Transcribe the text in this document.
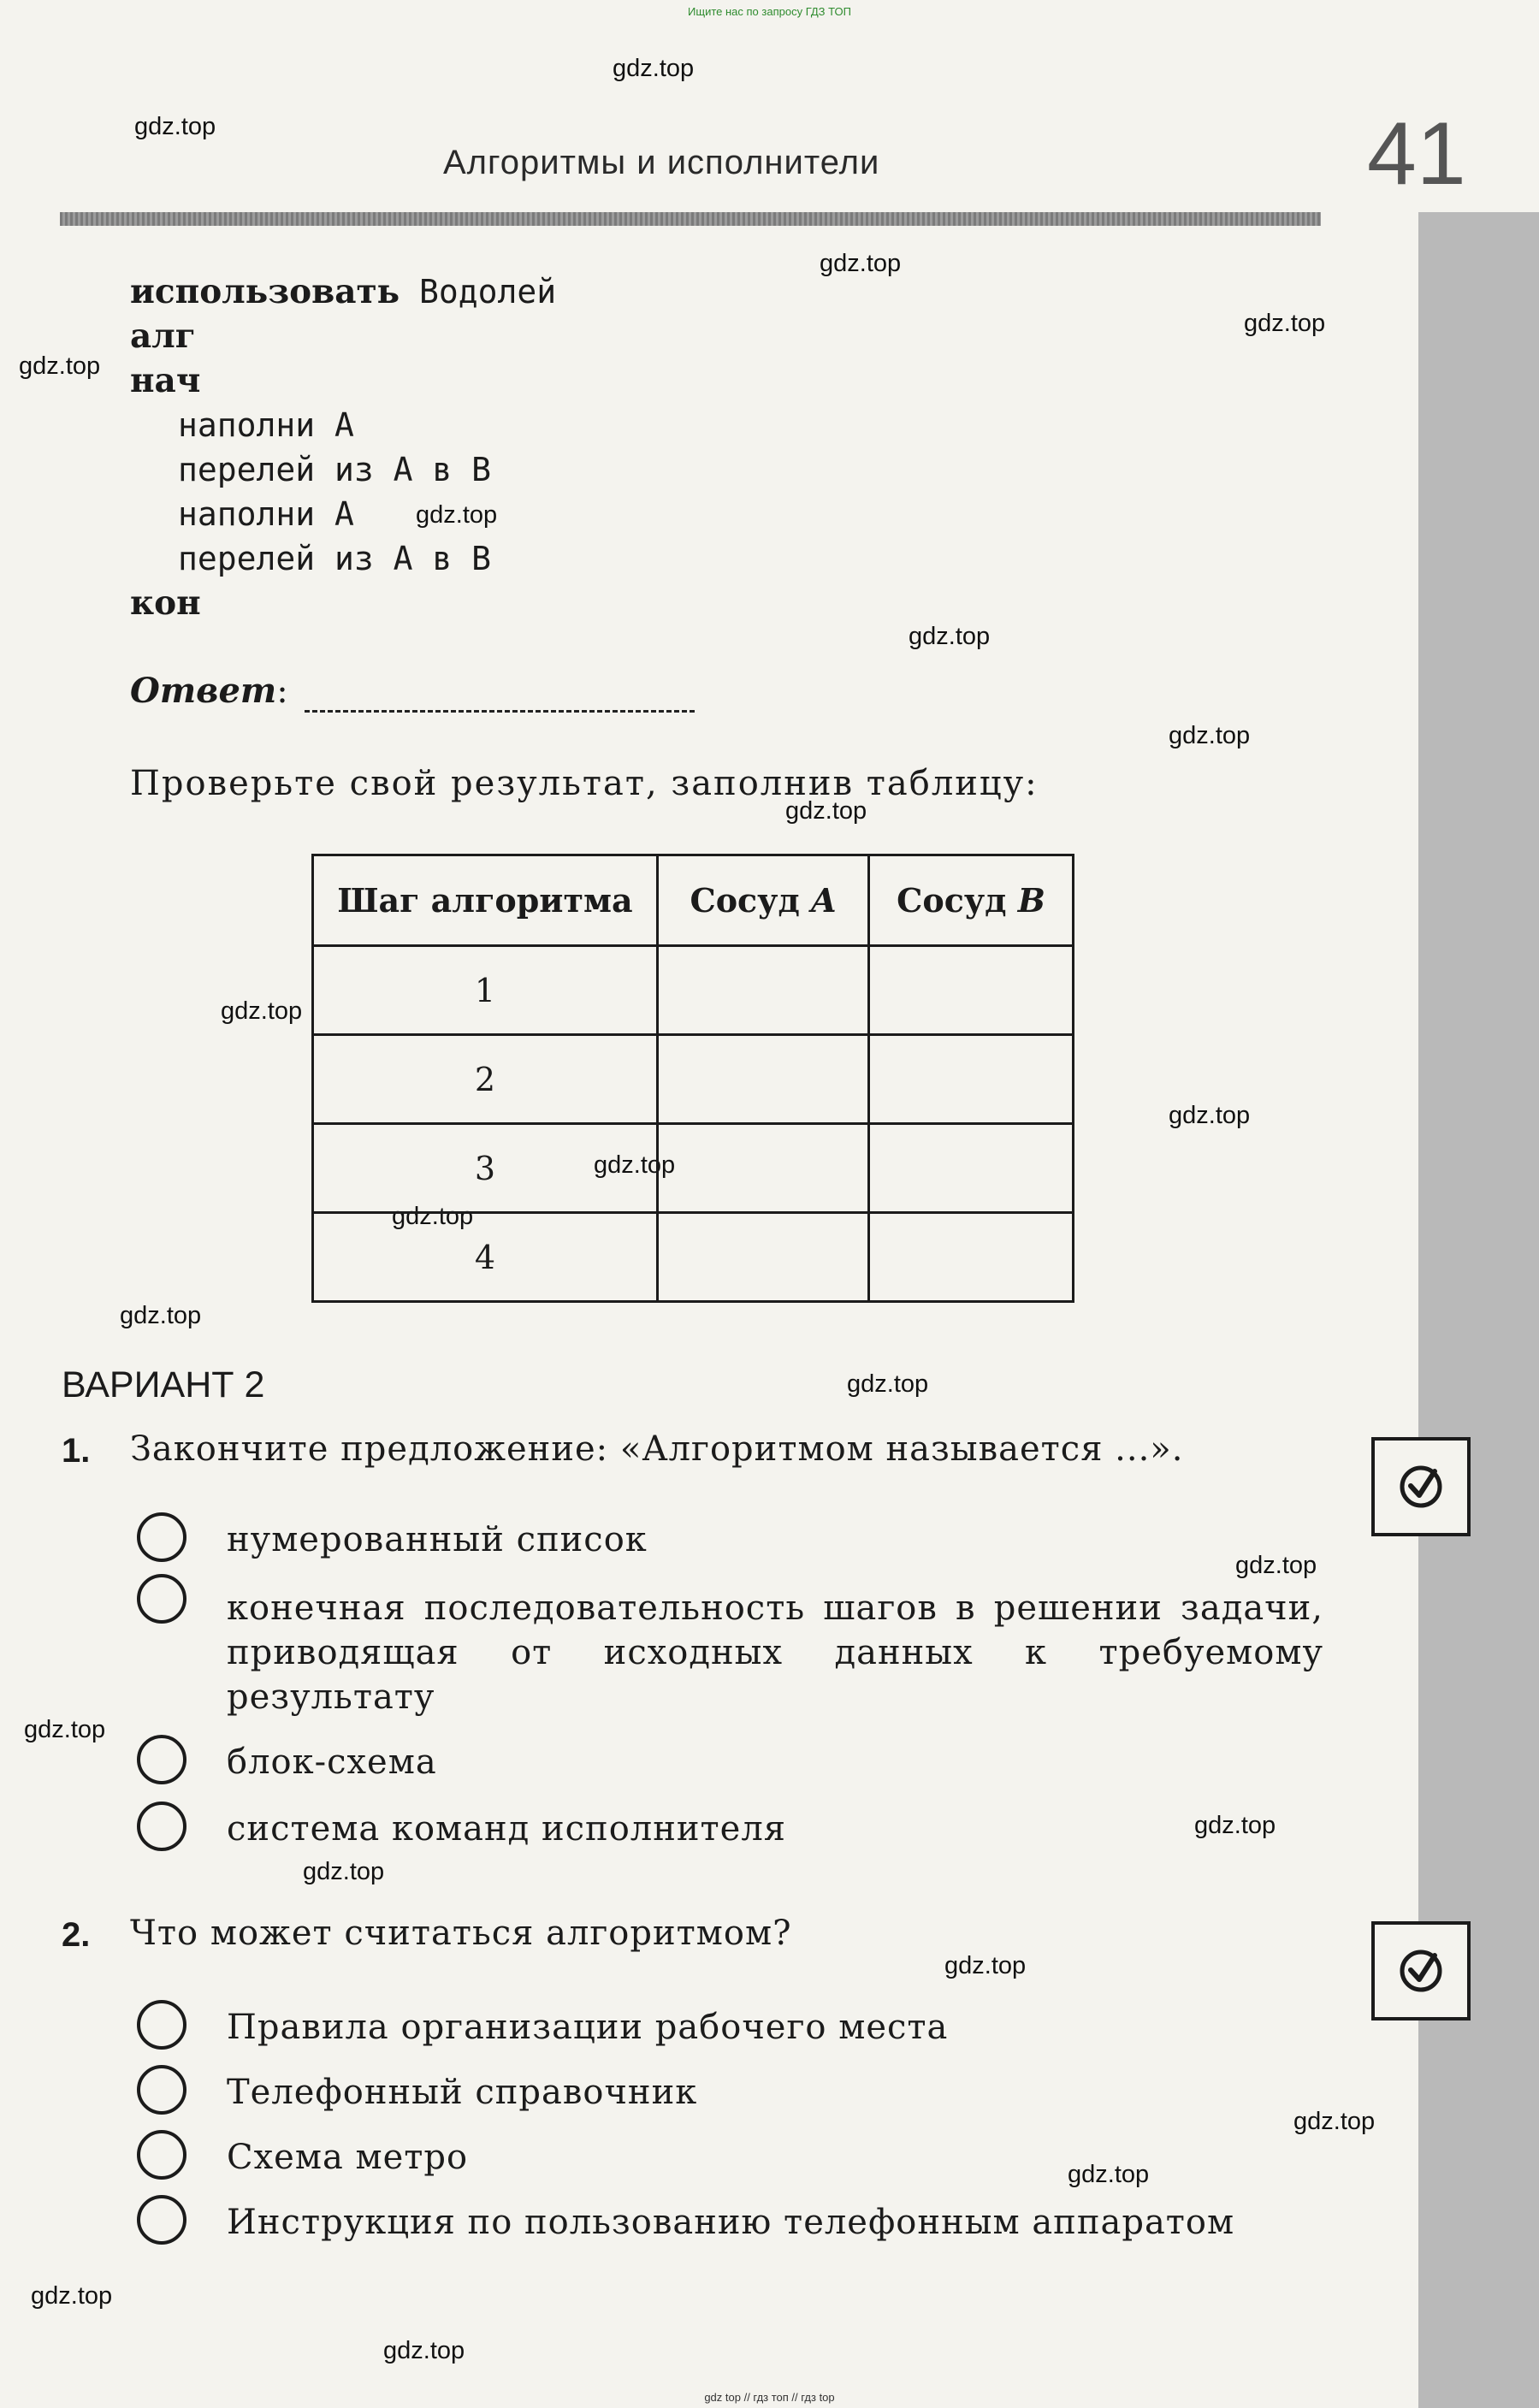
Ищите нас по запросу ГДЗ ТОП
gdz.top
gdz.top
gdz.top
gdz.top
gdz.top
gdz.top
gdz.top
gdz.top
gdz.top
gdz.top
gdz.top
gdz.top
gdz.top
gdz.top
gdz.top
gdz.top
gdz.top
gdz.top
gdz.top
gdz.top
gdz.top
gdz.top
gdz.top
gdz.top
Алгоритмы и исполнители	41
использовать Водолей
алг
нач
наполни А
перелей из А в В
наполни А
перелей из А в В
кон
Ответ:
Проверьте свой результат, заполнив таблицу:
Шаг алгоритма	Сосуд A	Сосуд B
1		
2		
3		
4		
ВАРИАНТ 2
1. Закончите предложение: «Алгоритмом называется ...».
нумерованный список
конечная последовательность шагов в решении задачи, приводящая от исходных данных к требуемому результату
блок-схема
система команд исполнителя
2. Что может считаться алгоритмом?
Правила организации рабочего места
Телефонный справочник
Схема метро
Инструкция по пользованию телефонным аппаратом
gdz top // гдз топ // гдз top
